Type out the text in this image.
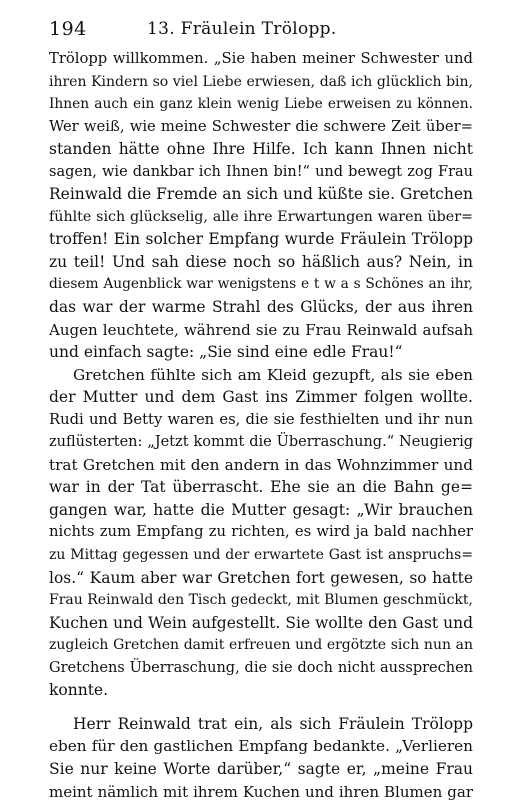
194	13. Fräulein Trölopp.
Trölopp willkommen. „Sie haben meiner Schwester und
ihren Kindern so viel Liebe erwiesen, daß ich glücklich bin,
Ihnen auch ein ganz klein wenig Liebe erweisen zu können.
Wer weiß, wie meine Schwester die schwere Zeit über=
standen hätte ohne Ihre Hilfe. Ich kann Ihnen nicht
sagen, wie dankbar ich Ihnen bin!“ und bewegt zog Frau
Reinwald die Fremde an sich und küßte sie. Gretchen
fühlte sich glückselig, alle ihre Erwartungen waren über=
troffen! Ein solcher Empfang wurde Fräulein Trölopp
zu teil! Und sah diese noch so häßlich aus? Nein, in
diesem Augenblick war wenigstens e t w a s Schönes an ihr,
das war der warme Strahl des Glücks, der aus ihren
Augen leuchtete, während sie zu Frau Reinwald aufsah
und einfach sagte: „Sie sind eine edle Frau!“
Gretchen fühlte sich am Kleid gezupft, als sie eben
der Mutter und dem Gast ins Zimmer folgen wollte.
Rudi und Betty waren es, die sie festhielten und ihr nun
zuflüsterten: „Jetzt kommt die Überraschung.“ Neugierig
trat Gretchen mit den andern in das Wohnzimmer und
war in der Tat überrascht. Ehe sie an die Bahn ge=
gangen war, hatte die Mutter gesagt: „Wir brauchen
nichts zum Empfang zu richten, es wird ja bald nachher
zu Mittag gegessen und der erwartete Gast ist anspruchs=
los.“ Kaum aber war Gretchen fort gewesen, so hatte
Frau Reinwald den Tisch gedeckt, mit Blumen geschmückt,
Kuchen und Wein aufgestellt. Sie wollte den Gast und
zugleich Gretchen damit erfreuen und ergötzte sich nun an
Gretchens Überraschung, die sie doch nicht aussprechen
konnte.
Herr Reinwald trat ein, als sich Fräulein Trölopp
eben für den gastlichen Empfang bedankte. „Verlieren
Sie nur keine Worte darüber,“ sagte er, „meine Frau
meint nämlich mit ihrem Kuchen und ihren Blumen gar
